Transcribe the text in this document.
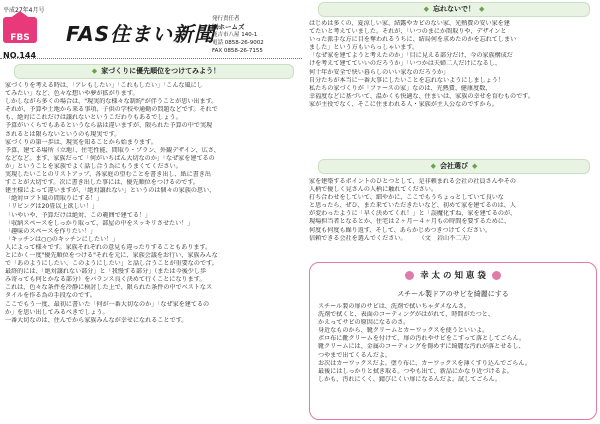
平成27年4月号
FBS
NO.144
FAS住まい新聞
発行責任者
㈱ホームズ
鹿吉市八屋 140-1
電話 0858-26-9002
FAX 0858-26-7155
◆ 家づくりに優先順位をつけてみよう！

家づくりを考える時は、「アレもしたい」「これもしたい」「こんな風にし

てみたい」など、色々な想いや夢が拡がります。

しかしながら多くの場合は、"現実的な様々な制約"が伴うことが思い出ます。

それが、予算や土地から来る事項、子供の学校や通勤の問題などです。それで

も、絶対にこれだけは譲れないというこだわりもあるでしょう。

予算がいくらでもあるというなら話は違いますが、限られた予算の中で実現

されるとは限らないというのも現実です。

家づくりの第一歩は、現実を知ることから始まります。

予算、建てる場所（立地）、住宅性能、間取り・プラン、外観デザイン、広さ、

などなど。ます、家族だって「何がいちばん大切なのか」「なぜ家を建てるの

か」ということを家族でよく話し合う為にもうまくてください。

実現したいことのリストアップ、各家庭の望むことを書き出し、紙に書き出

すことが大切です。次に書き出した事には、優先順位をつけるのです。

建主様によって違いますが、「絶対譲れない」というのは個々の家族の思い、

「絶対ロフト風の間取りにする！」

「リビングは20畳以上欲しい！」

「いやいや、予算だけは絶対、この範囲で建てる！」

「収納スペースをしっかり取って、部屋の中をスッキリさせたい！」

「趣味のスペースを作りたい！」

「キッチンは○○のキッチンにしたい！」

人によって様々です。家族それぞれの意見も違ったりすることもあります。

とにかく一度"優先順位をつける"それを元に、家族会議をお行い、家族みんな

で「あのようにしたい、このようにしたい」と話し合うことが重要なのです。

最終的には、「絶対譲れない部分」と「我慢する部分」（または今後少し歩

み寄っても何とかなる部分）をバランス良く決めて行くことになります。

これは、色々な条件を冷静に検討した上で、限られた条件の中でベストなス

タイルを作る為の手段なのです。

ここでもう一度、最初に書いた「何が一番大切なのか」「なぜ家を建てるの

か」を思い出してみるべきでしょう。

一番大切なのは、住んでから家族みんなが幸せになれることです。

◆ 忘れないで！ ◆

はじめは多くの、夏涼しい家、結露やカビのない家、光熱費の安い家を建

てたいと考えていました。それが、「いつのまにか間取りや、デザインと

いった派手な方に目を奪われるうちに、結局何を求めたのかを忘れてしまい

ました」という方もいらっしゃいます。

「なぜ家を建てようと考えたのか」「目に見える部分だけ、今の家族構成だ

けを考えて建てていいのだろうか」「いつかは夫婦二人だけになるし、

何十年か安全で快い暮らしのいい家なのだろうか」

自分たちが本当に一番大事にしたいことを忘れないようにしましょう！

私たちの家づくりが「ファースの家」なのは、光熱費、健康度数、

幸福度などに基づいて、温かくも快適な、住まいは、家族の幸せを育むものです。

家が主役でなく、そこに住まわれる人・家族が主人公なのですから。

◆ 会社選び ◆

家を建築するポイントのひとつとして、是非頼まれる会社の社員さんやその

人柄で優しく見さんの人柄に触れてください。

打ち合わせをしていて、細やかに、ここでもうちょっとしていて良いな

と思ったら、ぜひ、また来ていただきたいなど、初めて家を建てるのは、人

が変わったように「早く決めてくれ！」と「誤魔化すね、家を建てるのが、

現場担当者となるとか、住宅は２ヶ月～４ヶ月もの時間を要するために、

何度も何度も繰り返す、そして、あらかじめつきつけてください。

信頼できる会社を選んでください。　　　（文　岩山不二夫）

幸 太 の 知 恵 袋
スチール製ドアのサビを綺麗にする

スチール製の扉のサビは、洗剤で拭いちゃダメなんさ。

洗剤で拭くと、表面のコーティングがはがれて、時間がたつと、

かえってサビの原因になるのさ。

身近なものから、靴クリームとカーワックスを使うといいよ。

ボロ布に靴クリームを付けて、扉の汚れやサビをこすって落としてごらん。

靴クリームには、金属のコーティングを傷めずに綺麗な汚れが落とせるし、

つやまで出てくるんだよ。

お次はカーワックスだよ。塗り布に、カーワックスを薄くすり込んでごらん。

最後にはしっかりと拭き取る。つやも出て、新品にかなり近づけるよ。

しかも、汚れにくく、錆びにくい扉になるんだよ。試してごらん。
